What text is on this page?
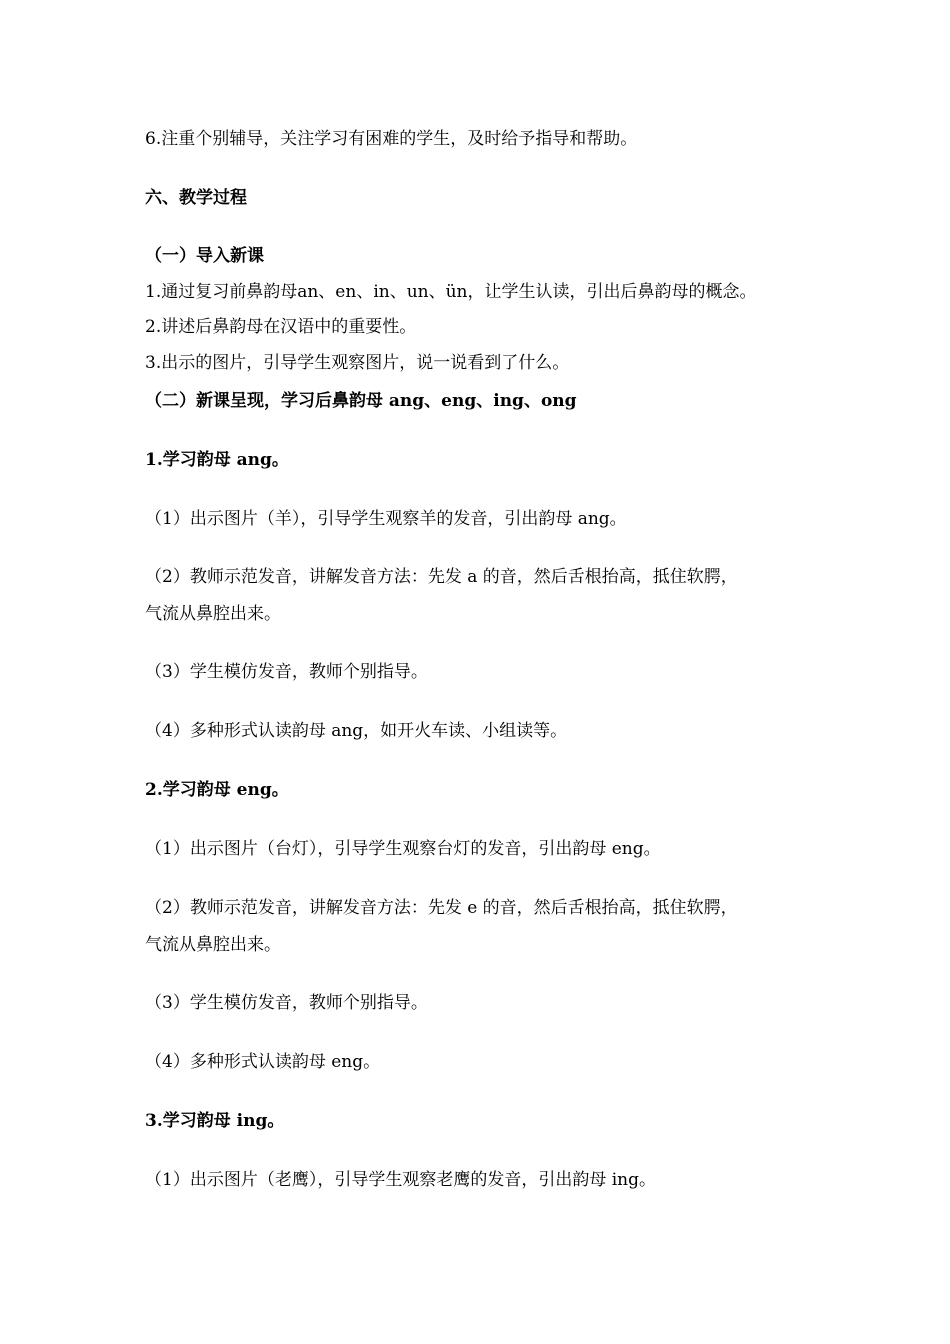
6.注重个别辅导，关注学习有困难的学生，及时给予指导和帮助。
六、教学过程
（一）导入新课
1.通过复习前鼻韵母an、en、in、un、ün，让学生认读，引出后鼻韵母的概念。
2.讲述后鼻韵母在汉语中的重要性。
3.出示的图片，引导学生观察图片，说一说看到了什么。
（二）新课呈现，学习后鼻韵母 ang、eng、ing、ong
1.学习韵母 ang。
（1）出示图片（羊），引导学生观察羊的发音，引出韵母 ang。
（2）教师示范发音，讲解发音方法：先发 a 的音，然后舌根抬高，抵住软腭，
气流从鼻腔出来。
（3）学生模仿发音，教师个别指导。
（4）多种形式认读韵母 ang，如开火车读、小组读等。
2.学习韵母 eng。
（1）出示图片（台灯），引导学生观察台灯的发音，引出韵母 eng。
（2）教师示范发音，讲解发音方法：先发 e 的音，然后舌根抬高，抵住软腭，
气流从鼻腔出来。
（3）学生模仿发音，教师个别指导。
（4）多种形式认读韵母 eng。
3.学习韵母 ing。
（1）出示图片（老鹰），引导学生观察老鹰的发音，引出韵母 ing。
